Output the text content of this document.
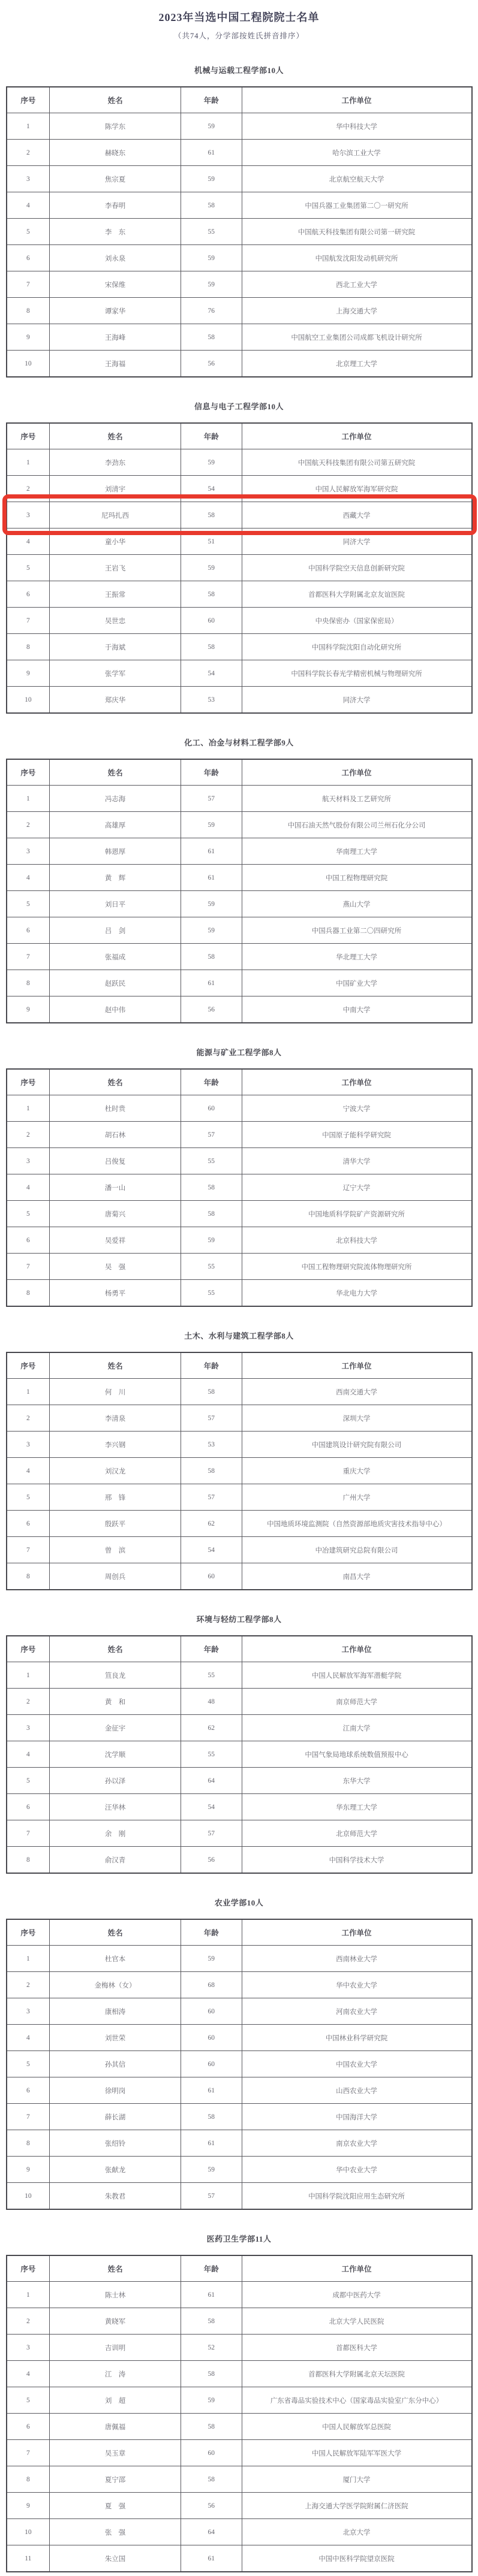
2023年当选中国工程院院士名单
（共74人，分学部按姓氏拼音排序）
机械与运载工程学部10人
序号	姓名	年龄	工作单位
1	陈学东	59	华中科技大学
2	赫晓东	61	哈尔滨工业大学
3	焦宗夏	59	北京航空航天大学
4	李春明	58	中国兵器工业集团第二〇一研究所
5	李　东	55	中国航天科技集团有限公司第一研究院
6	刘永泉	59	中国航发沈阳发动机研究所
7	宋保维	59	西北工业大学
8	谭家华	76	上海交通大学
9	王海峰	58	中国航空工业集团公司成都飞机设计研究所
10	王海福	56	北京理工大学
信息与电子工程学部10人
序号	姓名	年龄	工作单位
1	李劲东	59	中国航天科技集团有限公司第五研究院
2	刘清宇	54	中国人民解放军海军研究院
3	尼玛扎西	58	西藏大学
4	童小华	51	同济大学
5	王岩飞	59	中国科学院空天信息创新研究院
6	王振常	58	首都医科大学附属北京友谊医院
7	吴世忠	60	中央保密办（国家保密局）
8	于海斌	58	中国科学院沈阳自动化研究所
9	张学军	54	中国科学院长春光学精密机械与物理研究所
10	郑庆华	53	同济大学
化工、冶金与材料工程学部9人
序号	姓名	年龄	工作单位
1	冯志海	57	航天材料及工艺研究所
2	高雄厚	59	中国石油天然气股份有限公司兰州石化分公司
3	韩恩厚	61	华南理工大学
4	黄　辉	61	中国工程物理研究院
5	刘日平	59	燕山大学
6	吕　剑	59	中国兵器工业第二〇四研究所
7	张福成	58	华北理工大学
8	赵跃民	61	中国矿业大学
9	赵中伟	56	中南大学
能源与矿业工程学部8人
序号	姓名	年龄	工作单位
1	杜时贵	60	宁波大学
2	胡石林	57	中国原子能科学研究院
3	吕俊复	55	清华大学
4	潘一山	58	辽宁大学
5	唐菊兴	58	中国地质科学院矿产资源研究所
6	吴爱祥	59	北京科技大学
7	吴　强	55	中国工程物理研究院流体物理研究所
8	杨勇平	55	华北电力大学
土木、水利与建筑工程学部8人
序号	姓名	年龄	工作单位
1	何　川	58	西南交通大学
2	李清泉	57	深圳大学
3	李兴钢	53	中国建筑设计研究院有限公司
4	刘汉龙	58	重庆大学
5	邢　锋	57	广州大学
6	殷跃平	62	中国地质环境监测院（自然资源部地质灾害技术指导中心）
7	曾　滨	54	中冶建筑研究总院有限公司
8	周创兵	60	南昌大学
环境与轻纺工程学部8人
序号	姓名	年龄	工作单位
1	笪良龙	55	中国人民解放军海军潜艇学院
2	黄　和	48	南京师范大学
3	金征宇	62	江南大学
4	沈学顺	55	中国气象局地球系统数值预报中心
5	孙以泽	64	东华大学
6	汪华林	54	华东理工大学
7	余　刚	57	北京师范大学
8	俞汉青	56	中国科学技术大学
农业学部10人
序号	姓名	年龄	工作单位
1	杜官本	59	西南林业大学
2	金梅林（女）	68	华中农业大学
3	康相涛	60	河南农业大学
4	刘世荣	60	中国林业科学研究院
5	孙其信	60	中国农业大学
6	徐明岗	61	山西农业大学
7	薛长湖	58	中国海洋大学
8	张绍铃	61	南京农业大学
9	张献龙	59	华中农业大学
10	朱教君	57	中国科学院沈阳应用生态研究所
医药卫生学部11人
序号	姓名	年龄	工作单位
1	陈士林	61	成都中医药大学
2	黄晓军	58	北京大学人民医院
3	吉训明	52	首都医科大学
4	江　涛	58	首都医科大学附属北京天坛医院
5	刘　超	59	广东省毒品实验技术中心（国家毒品实验室广东分中心）
6	唐佩福	58	中国人民解放军总医院
7	吴玉章	60	中国人民解放军陆军军医大学
8	夏宁邵	58	厦门大学
9	夏　强	56	上海交通大学医学院附属仁济医院
10	张　强	64	北京大学
11	朱立国	61	中国中医科学院望京医院
